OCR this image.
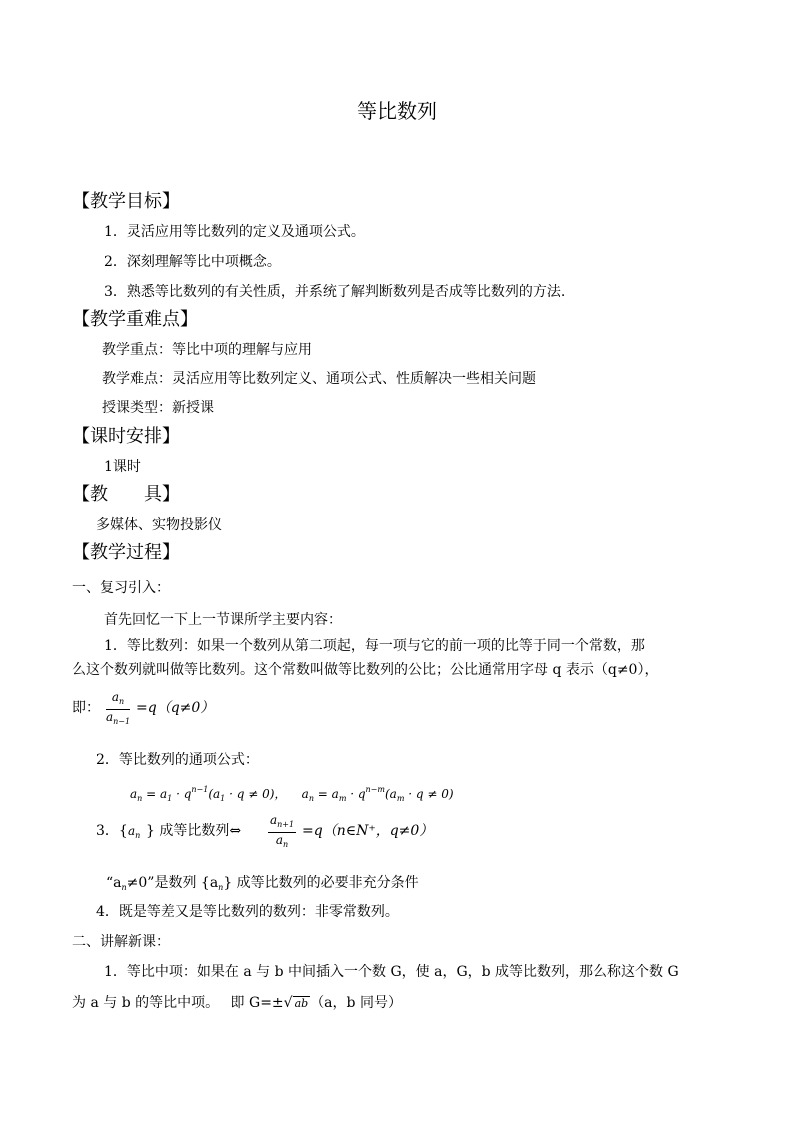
等比数列
【教学目标】
1．灵活应用等比数列的定义及通项公式。
2．深刻理解等比中项概念。
3．熟悉等比数列的有关性质，并系统了解判断数列是否成等比数列的方法.
【教学重难点】
教学重点：等比中项的理解与应用
教学难点：灵活应用等比数列定义、通项公式、性质解决一些相关问题
授课类型：新授课
【课时安排】
1课时
【教　　具】
多媒体、实物投影仪
【教学过程】
一、复习引入：
首先回忆一下上一节课所学主要内容：
1．等比数列：如果一个数列从第二项起，每一项与它的前一项的比等于同一个常数，那
么这个数列就叫做等比数列。这个常数叫做等比数列的公比；公比通常用字母 q 表示（q≠0），
即： $\frac{a_n}{a_{n-1}} =q(q\ne 0)$
2．等比数列的通项公式：
$a_n = a_1 \cdot q^{n-1}(a_1 \cdot q \ne 0)$，    $a_n = a_m \cdot q^{n-m}(a_m \cdot q \ne 0)$
3．{ $a_n$ } 成等比数列⇔ $\frac{a_{n+1}}{a_n}$ =q（n∈N⁺，q≠0）
“$a_n\ne 0$”是数列 $\{a_n\}$ 成等比数列的必要非充分条件
4．既是等差又是等比数列的数列：非零常数列。
二、讲解新课：
1．等比中项：如果在 a 与 b 中间插入一个数 G，使 a，G，b 成等比数列，那么称这个数 G
为 a 与 b 的等比中项。　 即 G=±√ ab （a，b 同号）
